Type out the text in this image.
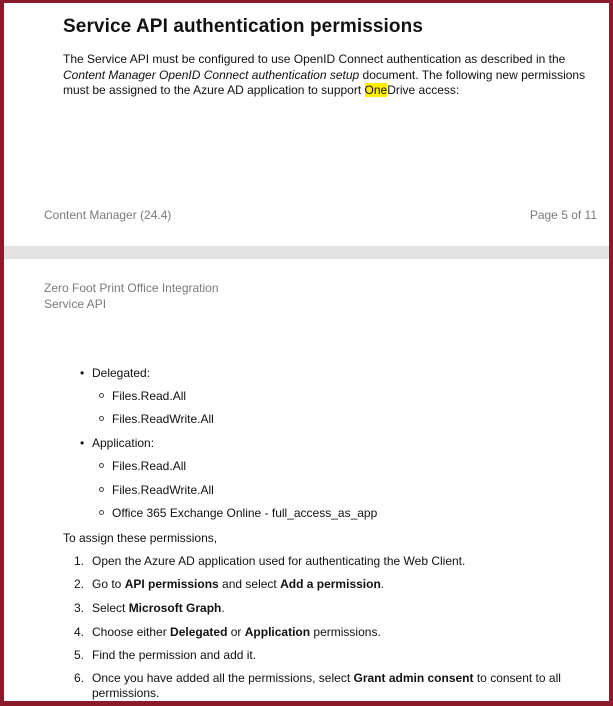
Service API authentication permissions

The Service API must be configured to use OpenID Connect authentication as described in the Content Manager OpenID Connect authentication setup document. The following new permissions must be assigned to the Azure AD application to support OneDrive access:

Content Manager (24.4)	Page 5 of 11
Zero Foot Print Office Integration
Service API
• Delegated:
Files.Read.All
Files.ReadWrite.All
• Application:
Files.Read.All
Files.ReadWrite.All
Office 365 Exchange Online - full_access_as_app
To assign these permissions,
1. Open the Azure AD application used for authenticating the Web Client.
2. Go to API permissions and select Add a permission.
3. Select Microsoft Graph.
4. Choose either Delegated or Application permissions.
5. Find the permission and add it.
6. Once you have added all the permissions, select Grant admin consent to consent to all permissions.
